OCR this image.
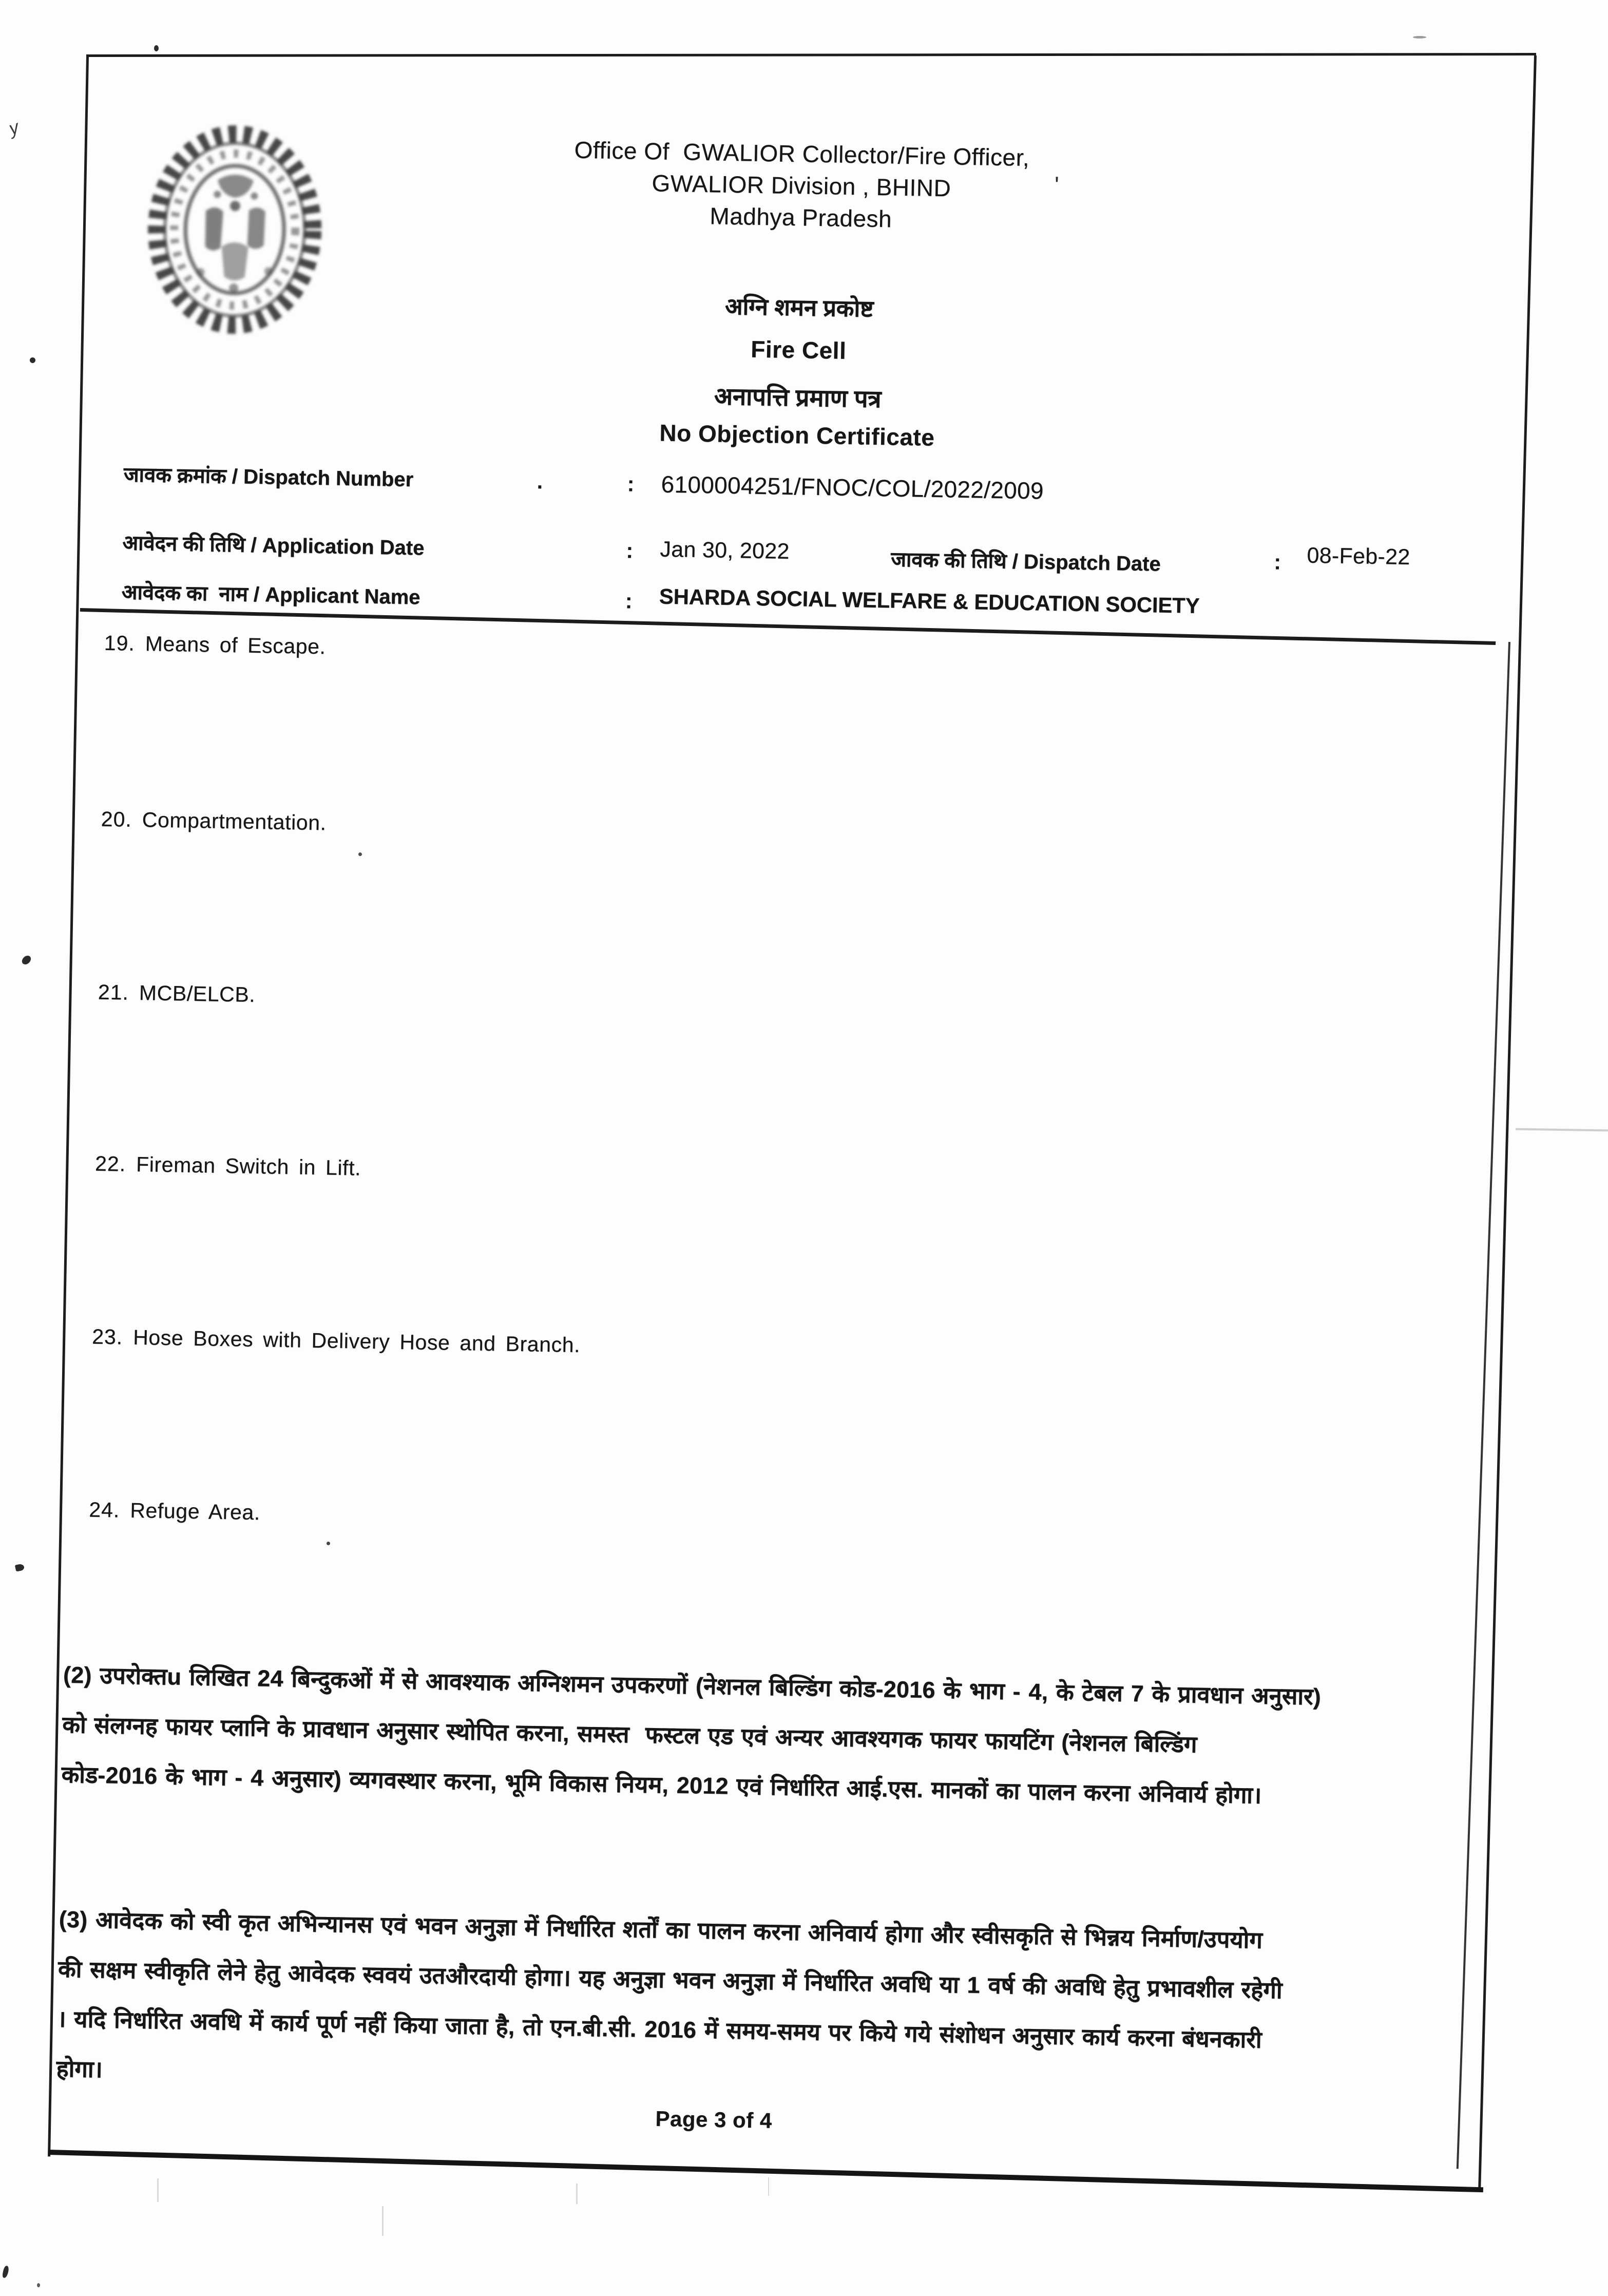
y
Office Of  GWALIOR Collector/Fire Officer,
GWALIOR Division , BHIND	'
Madhya Pradesh
अग्नि शमन प्रकोष्ट
Fire Cell
अनापत्ति प्रमाण पत्र
No Objection Certificate
जावक क्रमांक / Dispatch Number	.	: 6100004251/FNOC/COL/2022/2009
आवेदन की तिथि / Application Date	: Jan 30, 2022	जावक की तिथि / Dispatch Date	: 08-Feb-22
आवेदक का  नाम / Applicant Name	: SHARDA SOCIAL WELFARE & EDUCATION SOCIETY

19. Means of Escape.

20. Compartmentation.

21. MCB/ELCB.

22. Fireman Switch in Lift.

23. Hose Boxes with Delivery Hose and Branch.

24. Refuge Area.

(2) उपरोक्तu लिखित 24 बिन्दुकओं में से आवश्याक अग्निशमन उपकरणों (नेशनल बिल्डिंग कोड-2016 के भाग - 4, के टेबल 7 के प्रावधान अनुसार)
को संलग्नह फायर प्लानि के प्रावधान अनुसार स्थोपित करना, समस्त  फस्टल एड एवं अन्यर आवश्यगक फायर फायटिंग (नेशनल बिल्डिंग
कोड-2016 के भाग - 4 अनुसार) व्यगवस्थार करना, भूमि विकास नियम, 2012 एवं निर्धारित आई.एस. मानकों का पालन करना अनिवार्य होगा।
(3) आवेदक को स्वी कृत अभिन्यानस एवं भवन अनुज्ञा में निर्धारित शर्तों का पालन करना अनिवार्य होगा और स्वीसकृति से भिन्नय निर्माण/उपयोग
की सक्षम स्वीकृति लेने हेतु आवेदक स्ववयं उतऔरदायी होगा। यह अनुज्ञा भवन अनुज्ञा में निर्धारित अवधि या 1 वर्ष की अवधि हेतु प्रभावशील रहेगी
। यदि निर्धारित अवधि में कार्य पूर्ण नहीं किया जाता है, तो एन.बी.सी. 2016 में समय-समय पर किये गये संशोधन अनुसार कार्य करना बंधनकारी
होगा।
Page 3 of 4
